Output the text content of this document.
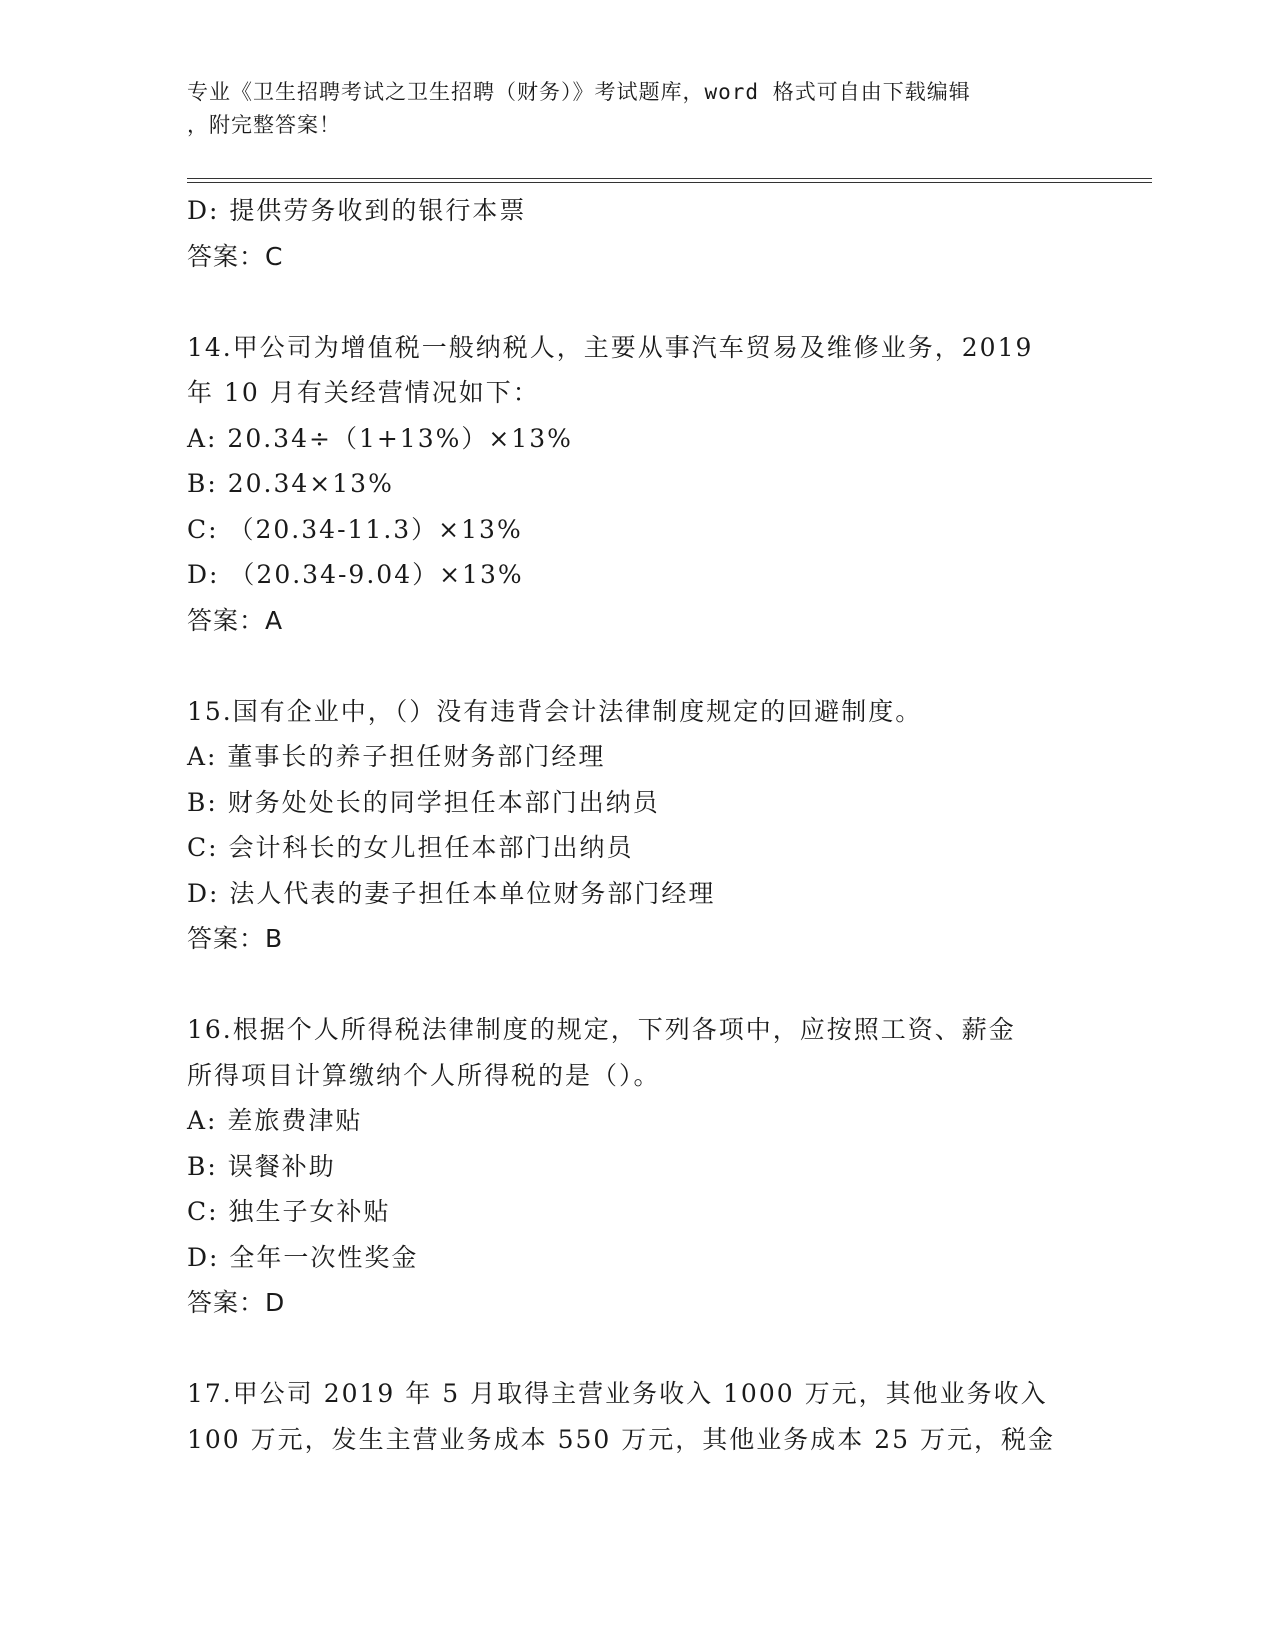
专业《卫生招聘考试之卫生招聘（财务）》考试题库，word 格式可自由下载编辑
，附完整答案！
D: 提供劳务收到的银行本票
答案：C
14.甲公司为增值税一般纳税人，主要从事汽车贸易及维修业务，2019
年 10 月有关经营情况如下：
A: 20.34÷（1+13%）×13%
B: 20.34×13%
C: （20.34-11.3）×13%
D: （20.34-9.04）×13%
答案：A
15.国有企业中，（）没有违背会计法律制度规定的回避制度。
A: 董事长的养子担任财务部门经理
B: 财务处处长的同学担任本部门出纳员
C: 会计科长的女儿担任本部门出纳员
D: 法人代表的妻子担任本单位财务部门经理
答案：B
16.根据个人所得税法律制度的规定，下列各项中，应按照工资、薪金
所得项目计算缴纳个人所得税的是（）。
A: 差旅费津贴
B: 误餐补助
C: 独生子女补贴
D: 全年一次性奖金
答案：D
17.甲公司 2019 年 5 月取得主营业务收入 1000 万元，其他业务收入
100 万元，发生主营业务成本 550 万元，其他业务成本 25 万元，税金
